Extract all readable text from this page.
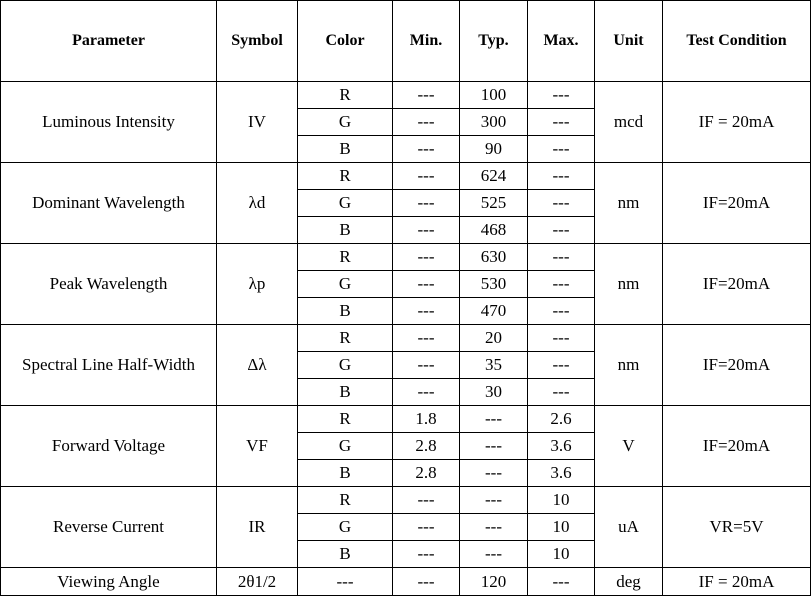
Parameter	Symbol	Color	Min.	Typ.	Max.	Unit	Test Condition
Luminous Intensity	IV	R	---	100	---	mcd	IF = 20mA
		G	---	300	---		
		B	---	90	---		
Dominant Wavelength	λd	R	---	624	---	nm	IF=20mA
		G	---	525	---		
		B	---	468	---		
Peak Wavelength	λp	R	---	630	---	nm	IF=20mA
		G	---	530	---		
		B	---	470	---		
Spectral Line Half-Width	Δλ	R	---	20	---	nm	IF=20mA
		G	---	35	---		
		B	---	30	---		
Forward Voltage	VF	R	1.8	---	2.6	V	IF=20mA
		G	2.8	---	3.6		
		B	2.8	---	3.6		
Reverse Current	IR	R	---	---	10	uA	VR=5V
		G	---	---	10		
		B	---	---	10		
Viewing Angle	2θ1/2	---	---	120	---	deg	IF = 20mA
